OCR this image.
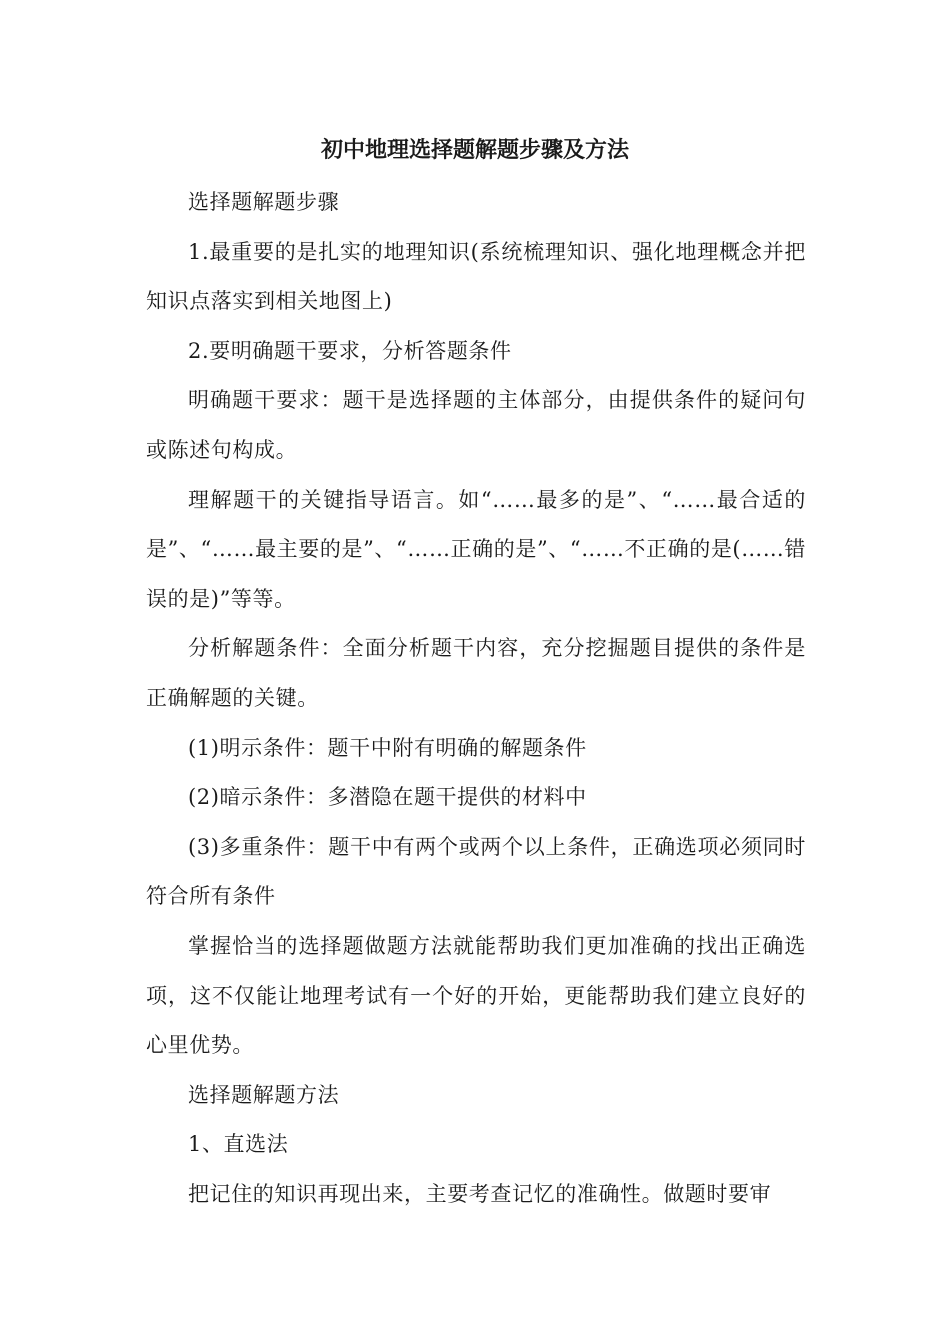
初中地理选择题解题步骤及方法

选择题解题步骤

1.最重要的是扎实的地理知识(系统梳理知识、强化地理概念并把知识点落实到相关地图上)

2.要明确题干要求，分析答题条件

明确题干要求：题干是选择题的主体部分，由提供条件的疑问句或陈述句构成。

理解题干的关键指导语言。如“……最多的是”、“……最合适的是”、“……最主要的是”、“……正确的是”、“……不正确的是(……错误的是)”等等。

分析解题条件：全面分析题干内容，充分挖掘题目提供的条件是正确解题的关键。

(1)明示条件：题干中附有明确的解题条件

(2)暗示条件：多潜隐在题干提供的材料中

(3)多重条件：题干中有两个或两个以上条件，正确选项必须同时符合所有条件

掌握恰当的选择题做题方法就能帮助我们更加准确的找出正确选项，这不仅能让地理考试有一个好的开始，更能帮助我们建立良好的心里优势。

选择题解题方法

1、直选法

把记住的知识再现出来，主要考查记忆的准确性。做题时要审
